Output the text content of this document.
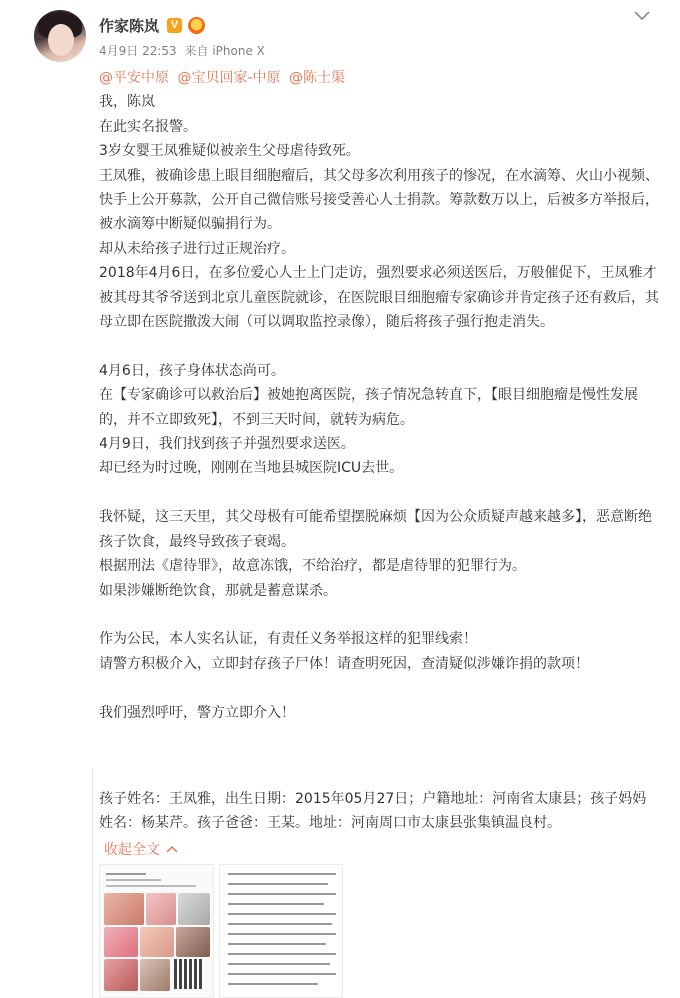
作家陈岚	V
4月9日 22:53 来自 iPhone X

@平安中原 @宝贝回家-中原 @陈士渠

我，陈岚

在此实名报警。

3岁女婴王凤雅疑似被亲生父母虐待致死。

王凤雅，被确诊患上眼目细胞瘤后，其父母多次利用孩子的惨况，在水滴筹、火山小视频、快手上公开募款，公开自己微信账号接受善心人士捐款。筹款数万以上，后被多方举报后，被水滴筹中断疑似骗捐行为。

却从未给孩子进行过正规治疗。

2018年4月6日，在多位爱心人士上门走访，强烈要求必须送医后，万般催促下，王凤雅才被其母其爷爷送到北京儿童医院就诊，在医院眼目细胞瘤专家确诊并肯定孩子还有救后，其母立即在医院撒泼大闹（可以调取监控录像），随后将孩子强行抱走消失。

4月6日，孩子身体状态尚可。

在【专家确诊可以救治后】被她抱离医院，孩子情况急转直下，【眼目细胞瘤是慢性发展的，并不立即致死】，不到三天时间，就转为病危。

4月9日，我们找到孩子并强烈要求送医。

却已经为时过晚，刚刚在当地县城医院ICU去世。

我怀疑，这三天里，其父母极有可能希望摆脱麻烦【因为公众质疑声越来越多】，恶意断绝孩子饮食，最终导致孩子衰竭。

根据刑法《虐待罪》，故意冻饿，不给治疗，都是虐待罪的犯罪行为。

如果涉嫌断绝饮食，那就是蓄意谋杀。

作为公民，本人实名认证，有责任义务举报这样的犯罪线索！

请警方积极介入，立即封存孩子尸体！请查明死因，查清疑似涉嫌诈捐的款项！

我们强烈呼吁，警方立即介入！

孩子姓名：王凤雅，出生日期：2015年05月27日；户籍地址：河南省太康县；孩子妈妈姓名：杨某芹。孩子爸爸：王某。地址：河南周口市太康县张集镇温良村。
收起全文
